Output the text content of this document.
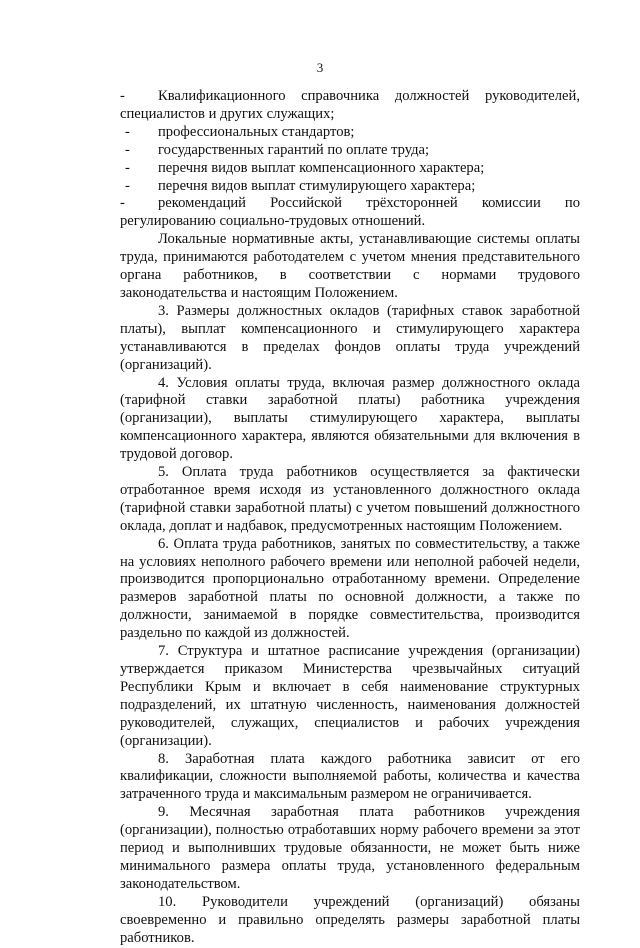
3

- Квалификационного справочника должностей руководителей, специалистов и других служащих;

-	профессиональных стандартов;

-	государственных гарантий по оплате труда;

-	перечня видов выплат компенсационного характера;

-	перечня видов выплат стимулирующего характера;

- рекомендаций Российской трёхсторонней комиссии по регулированию социально-трудовых отношений.

Локальные нормативные акты, устанавливающие системы оплаты труда, принимаются работодателем с учетом мнения представительного органа работников, в соответствии с нормами трудового законодательства и настоящим Положением.

3. Размеры должностных окладов (тарифных ставок заработной платы), выплат компенсационного и стимулирующего характера устанавливаются в пределах фондов оплаты труда учреждений (организаций).

4. Условия оплаты труда, включая размер должностного оклада (тарифной ставки заработной платы) работника учреждения (организации), выплаты стимулирующего характера, выплаты компенсационного характера, являются обязательными для включения в трудовой договор.

5. Оплата труда работников осуществляется за фактически отработанное время исходя из установленного должностного оклада (тарифной ставки заработной платы) с учетом повышений должностного оклада, доплат и надбавок, предусмотренных настоящим Положением.

6. Оплата труда работников, занятых по совместительству, а также на условиях неполного рабочего времени или неполной рабочей недели, производится пропорционально отработанному времени. Определение размеров заработной платы по основной должности, а также по должности, занимаемой в порядке совместительства, производится раздельно по каждой из должностей.

7. Структура и штатное расписание учреждения (организации) утверждается приказом Министерства чрезвычайных ситуаций Республики Крым и включает в себя наименование структурных подразделений, их штатную численность, наименования должностей руководителей, служащих, специалистов и рабочих учреждения (организации).

8. Заработная плата каждого работника зависит от его квалификации, сложности выполняемой работы, количества и качества затраченного труда и максимальным размером не ограничивается.

9. Месячная заработная плата работников учреждения (организации), полностью отработавших норму рабочего времени за этот период и выполнивших трудовые обязанности, не может быть ниже минимального размера оплаты труда, установленного федеральным законодательством.

10. Руководители учреждений (организаций) обязаны своевременно и правильно определять размеры заработной платы работников.
